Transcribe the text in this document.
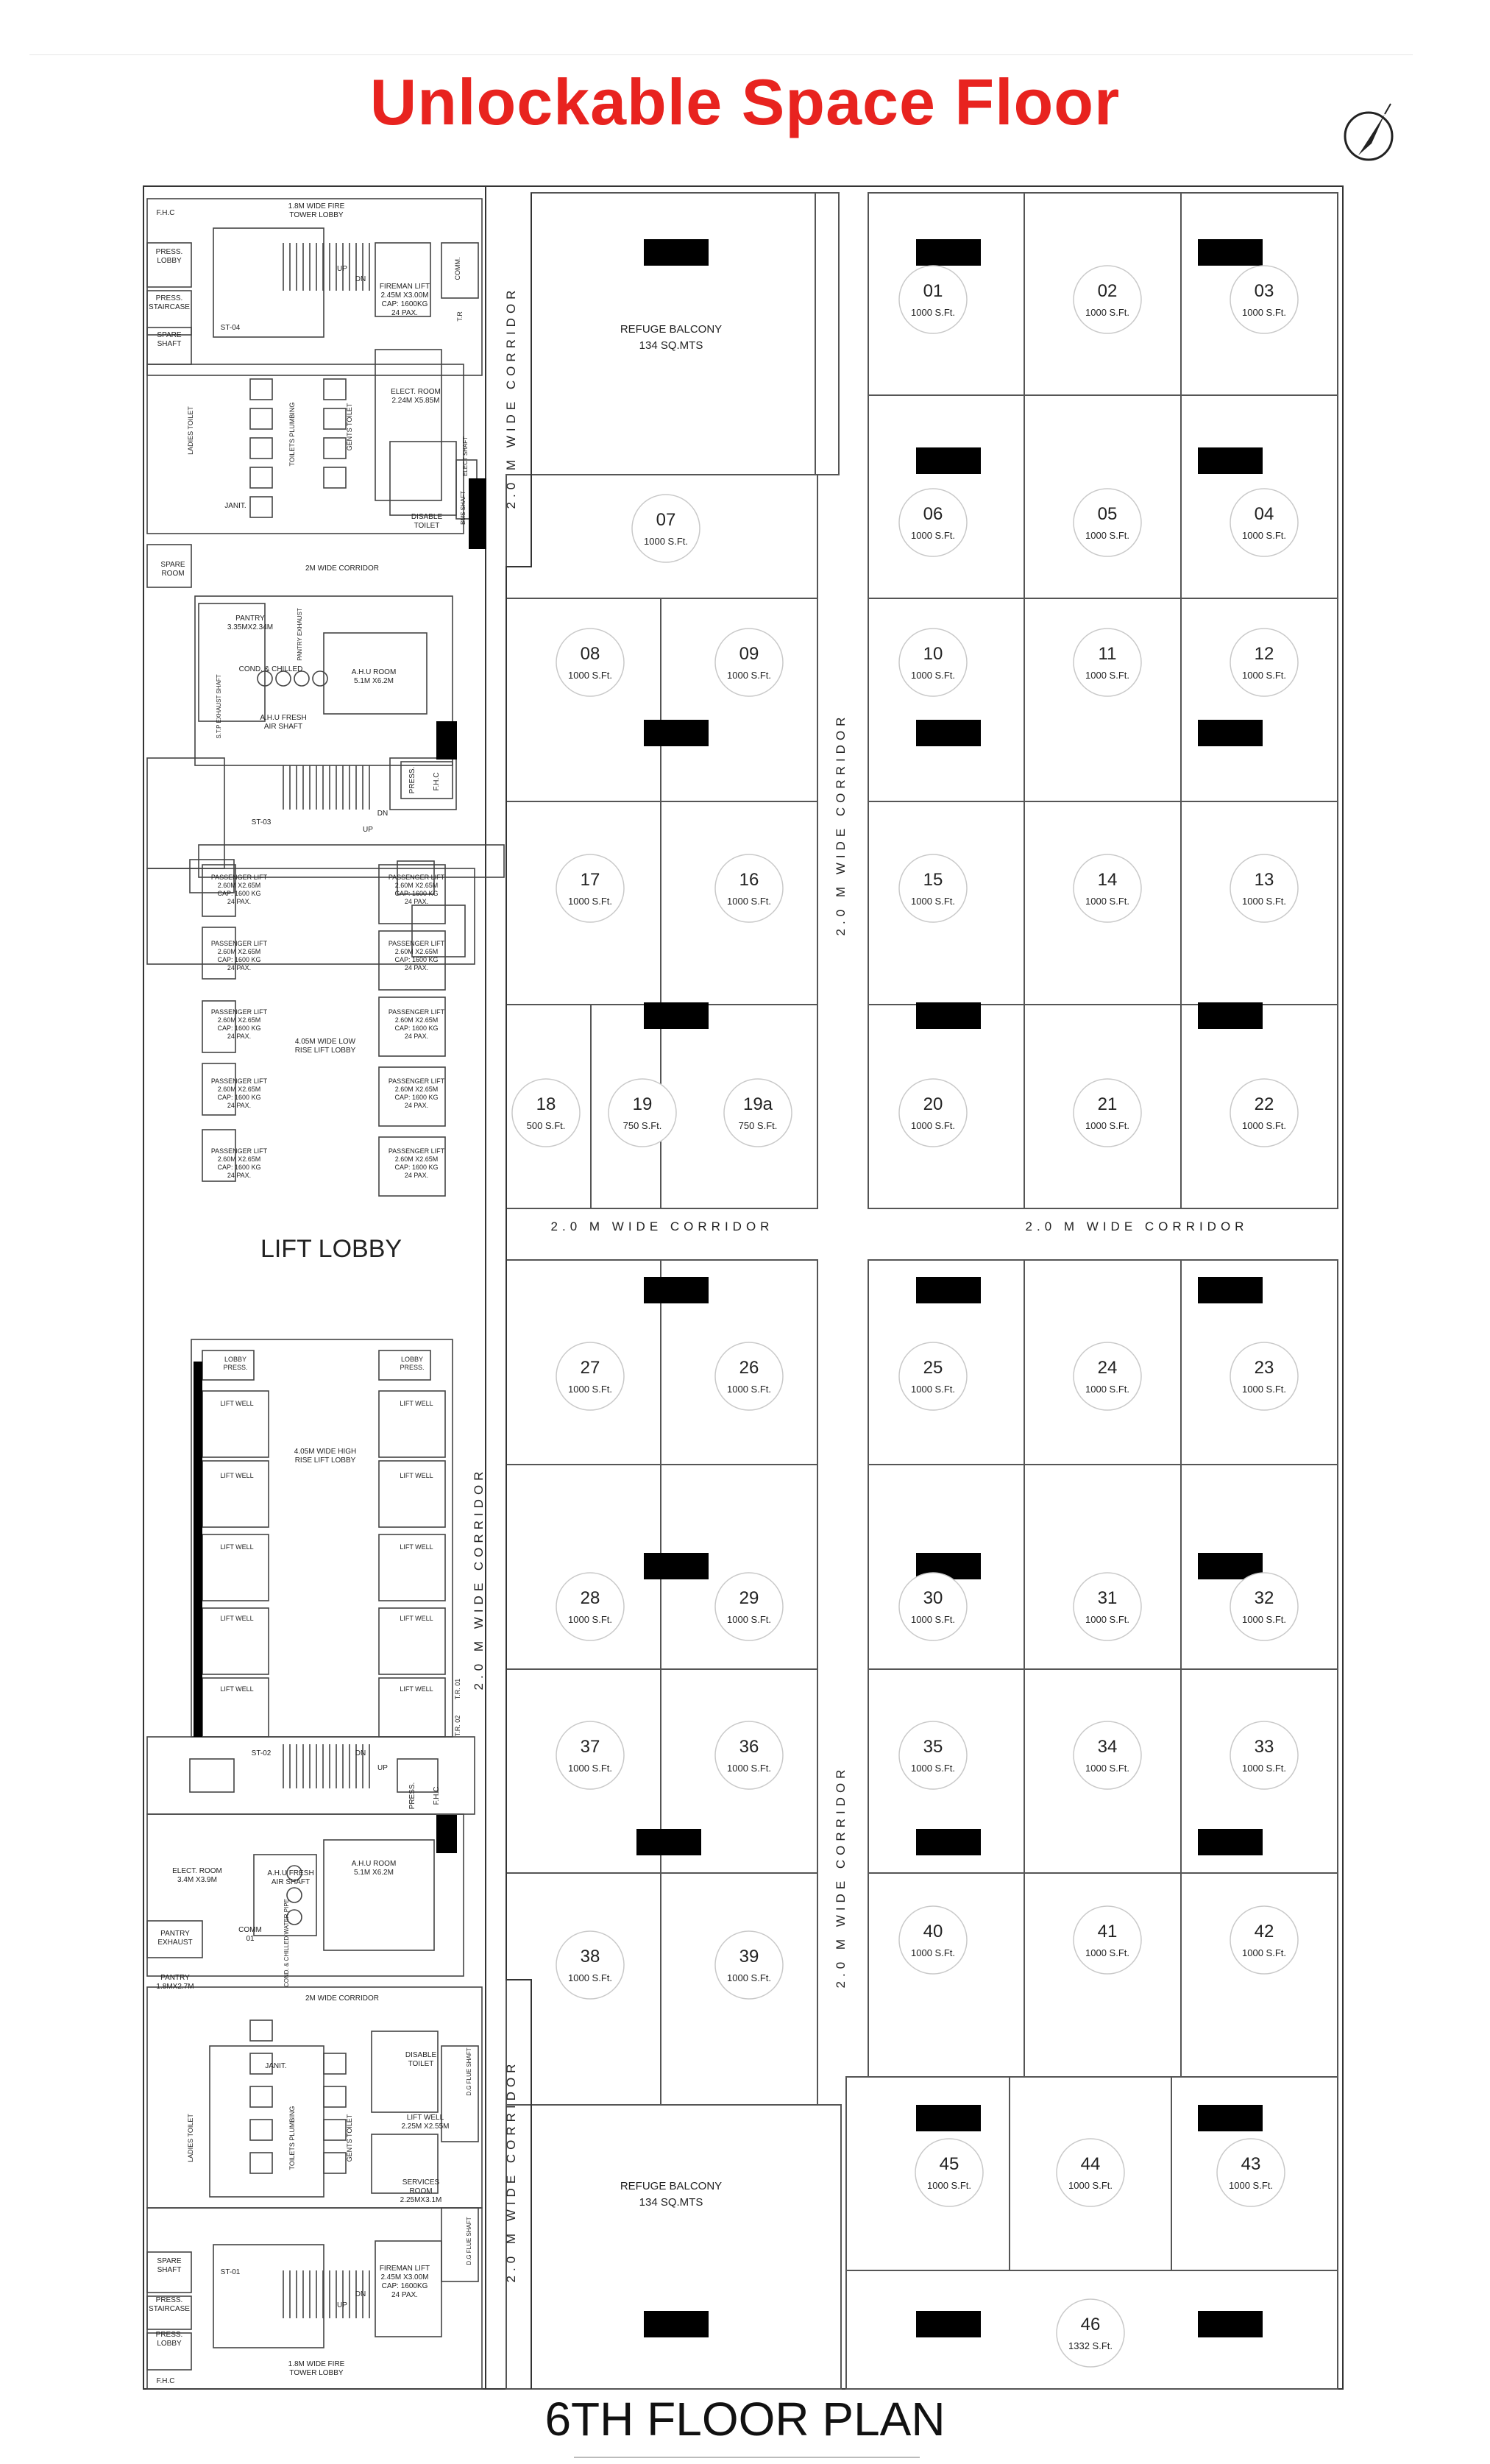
Unlockable Space Floor
1.8M WIDE FIRE
TOWER LOBBY
F.H.C
PRESS.
LOBBY
PRESS.
STAIRCASE
SPARE
SHAFT
ST-04
UP
DN
FIREMAN LIFT
2.45M X3.00M
CAP: 1600KG
24 PAX.
COMM.
T.R
LADIES TOILET	TOILETS PLUMBING	GENTS TOILET
ELECT. ROOM
2.24M X5.85M
ELECT SHAFT
BMS SHAFT
JANIT.
DISABLE
TOILET
SPARE
ROOM
2M WIDE CORRIDOR
PANTRY
3.35MX2.34M	PANTRY EXHAUST
COND. & CHILLED	A.H.U ROOM
5.1M X6.2M
A.H.U FRESH
AIR SHAFT
S.T.P EXHAUST SHAFT
PRESS. F.H.C
ST-03
DN
UP
PASSENGER LIFT
2.60M X2.65M
CAP: 1600 KG
24 PAX.
PASSENGER LIFT
2.60M X2.65M
CAP: 1600 KG
24 PAX.
PASSENGER LIFT
2.60M X2.65M
CAP: 1600 KG
24 PAX.
PASSENGER LIFT
2.60M X2.65M
CAP: 1600 KG
24 PAX.
PASSENGER LIFT
2.60M X2.65M
CAP: 1600 KG
24 PAX.
PASSENGER LIFT
2.60M X2.65M
CAP: 1600 KG
24 PAX.
PASSENGER LIFT
2.60M X2.65M
CAP: 1600 KG
24 PAX.
PASSENGER LIFT
2.60M X2.65M
CAP: 1600 KG
24 PAX.
PASSENGER LIFT
2.60M X2.65M
CAP: 1600 KG
24 PAX.
PASSENGER LIFT
2.60M X2.65M
CAP: 1600 KG
24 PAX.
4.05M WIDE LOW
RISE LIFT LOBBY
LIFT LOBBY
LOBBY
PRESS.
LOBBY
PRESS.
LIFT WELL
LIFT WELL
LIFT WELL
LIFT WELL
LIFT WELL
LIFT WELL
LIFT WELL
LIFT WELL
LIFT WELL
LIFT WELL
4.05M WIDE HIGH
RISE LIFT LOBBY
ST-02	DN
UP
PRESS. F.H.C
T.R. 01
T.R. 02
ELECT. ROOM
3.4M X3.9M
A.H.U FRESH
AIR SHAFT
A.H.U ROOM
5.1M X6.2M
PANTRY
EXHAUST
PANTRY
1.8MX2.7M
COMM
01	COND. & CHILLED WATER PIPE
2M WIDE CORRIDOR
DISABLE
TOILET	D.G FLUE SHAFT
LIFT WELL
2.25M X2.55M
JANIT.
LADIES TOILET	TOILETS PLUMBING	GENTS TOILET
SERVICES
ROOM
2.25MX3.1M
D.G FLUE SHAFT
SPARE
SHAFT
PRESS.
STAIRCASE
PRESS.
LOBBY
ST-01
UP
DN
FIREMAN LIFT
2.45M X3.00M
CAP: 1600KG
24 PAX.
1.8M WIDE FIRE
TOWER LOBBY
F.H.C
2.0 M WIDE CORRIDOR
2.0 M WIDE CORRIDOR
2.0 M WIDE CORRIDOR	2.0 M WIDE CORRIDOR
2.0 M WIDE CORRIDOR
2.0 M WIDE CORRIDOR
2.0 M WIDE CORRIDOR
REFUGE BALCONY
134 SQ.MTS
REFUGE BALCONY
134 SQ.MTS
01
1000 S.Ft.
02
1000 S.Ft.
03
1000 S.Ft.
04
1000 S.Ft.
05
1000 S.Ft.
06
1000 S.Ft.
07
1000 S.Ft.
08
1000 S.Ft.
09
1000 S.Ft.
10
1000 S.Ft.
11
1000 S.Ft.
12
1000 S.Ft.
13
1000 S.Ft.
14
1000 S.Ft.
15
1000 S.Ft.
16
1000 S.Ft.
17
1000 S.Ft.
18
500 S.Ft.
19
750 S.Ft.
19a
750 S.Ft.
20
1000 S.Ft.
21
1000 S.Ft.
22
1000 S.Ft.
23
1000 S.Ft.
24
1000 S.Ft.
25
1000 S.Ft.
26
1000 S.Ft.
27
1000 S.Ft.
28
1000 S.Ft.
29
1000 S.Ft.
30
1000 S.Ft.
31
1000 S.Ft.
32
1000 S.Ft.
33
1000 S.Ft.
34
1000 S.Ft.
35
1000 S.Ft.
36
1000 S.Ft.
37
1000 S.Ft.
38
1000 S.Ft.
39
1000 S.Ft.
40
1000 S.Ft.
41
1000 S.Ft.
42
1000 S.Ft.
43
1000 S.Ft.
44
1000 S.Ft.
45
1000 S.Ft.
46
1332 S.Ft.
6TH FLOOR PLAN
